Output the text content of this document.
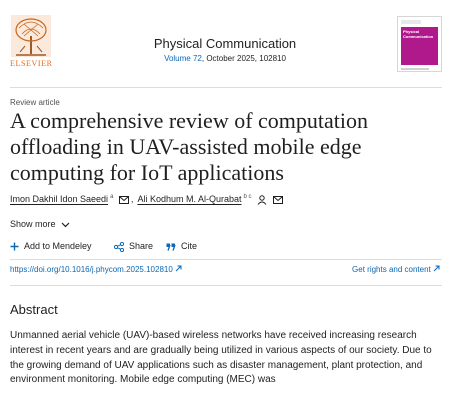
ELSEVIER
Physical Communication
Volume 72, October 2025, 102810
Physical Communication
Review article
A comprehensive review of computation offloading in UAV-assisted mobile edge computing for IoT applications
Imon Dakhil Idon Saeedi $^a$ , Ali Kodhum M. Al-Qurabat $^{b c}$
Show more
Add to Mendeley	Share	Cite
https://doi.org/10.1016/j.phycom.2025.102810	Get rights and content
Abstract

Unmanned aerial vehicle (UAV)-based wireless networks have received increasing research interest in recent years and are gradually being utilized in various aspects of our society. Due to the growing demand of UAV applications such as disaster management, plant protection, and environment monitoring. Mobile edge computing (MEC) was
